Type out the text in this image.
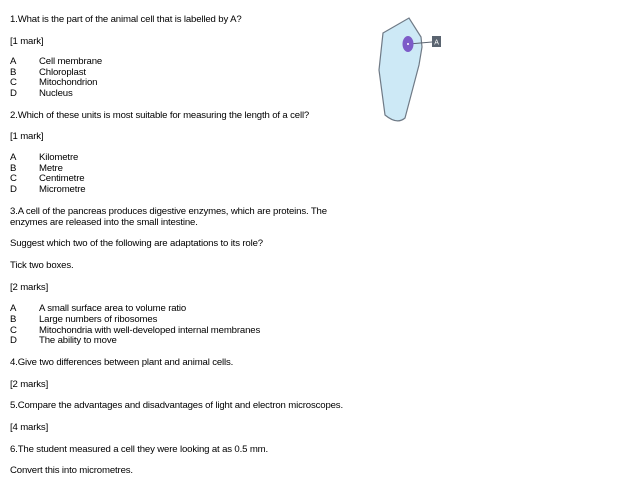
1.What is the part of the animal cell that is labelled by A?
[1 mark]
A Cell membrane
B Chloroplast
C Mitochondrion
D Nucleus
2.Which of these units is most suitable for measuring the length of a cell?
[1 mark]
A Kilometre
B Metre
C Centimetre
D Micrometre
3.A cell of the pancreas produces digestive enzymes, which are proteins. The
enzymes are released into the small intestine.
Suggest which two of the following are adaptations to its role?
Tick two boxes.
[2 marks]
A A small surface area to volume ratio
B Large numbers of ribosomes
C Mitochondria with well-developed internal membranes
D The ability to move
4.Give two differences between plant and animal cells.
[2 marks]
5.Compare the advantages and disadvantages of light and electron microscopes.
[4 marks]
6.The student measured a cell they were looking at as 0.5 mm.
Convert this into micrometres.
A
